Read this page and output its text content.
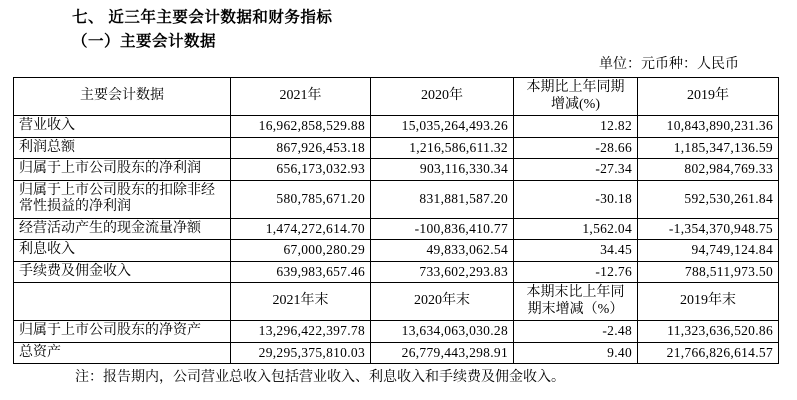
七、 近三年主要会计数据和财务指标
（一）主要会计数据
单位：元币种：人民币
主要会计数据	2021年	2020年	本期比上年同期增减(%)	2019年
营业收入	16,962,858,529.88	15,035,264,493.26	12.82	10,843,890,231.36
利润总额	867,926,453.18	1,216,586,611.32	-28.66	1,185,347,136.59
归属于上市公司股东的净利润	656,173,032.93	903,116,330.34	-27.34	802,984,769.33
归属于上市公司股东的扣除非经常性损益的净利润	580,785,671.20	831,881,587.20	-30.18	592,530,261.84
经营活动产生的现金流量净额	1,474,272,614.70	-100,836,410.77	1,562.04	-1,354,370,948.75
利息收入	67,000,280.29	49,833,062.54	34.45	94,749,124.84
手续费及佣金收入	639,983,657.46	733,602,293.83	-12.76	788,511,973.50
	2021年末	2020年末	本期末比上年同期末增减（%）	2019年末
归属于上市公司股东的净资产	13,296,422,397.78	13,634,063,030.28	-2.48	11,323,636,520.86
总资产	29,295,375,810.03	26,779,443,298.91	9.40	21,766,826,614.57
注：报告期内，公司营业总收入包括营业收入、利息收入和手续费及佣金收入。
